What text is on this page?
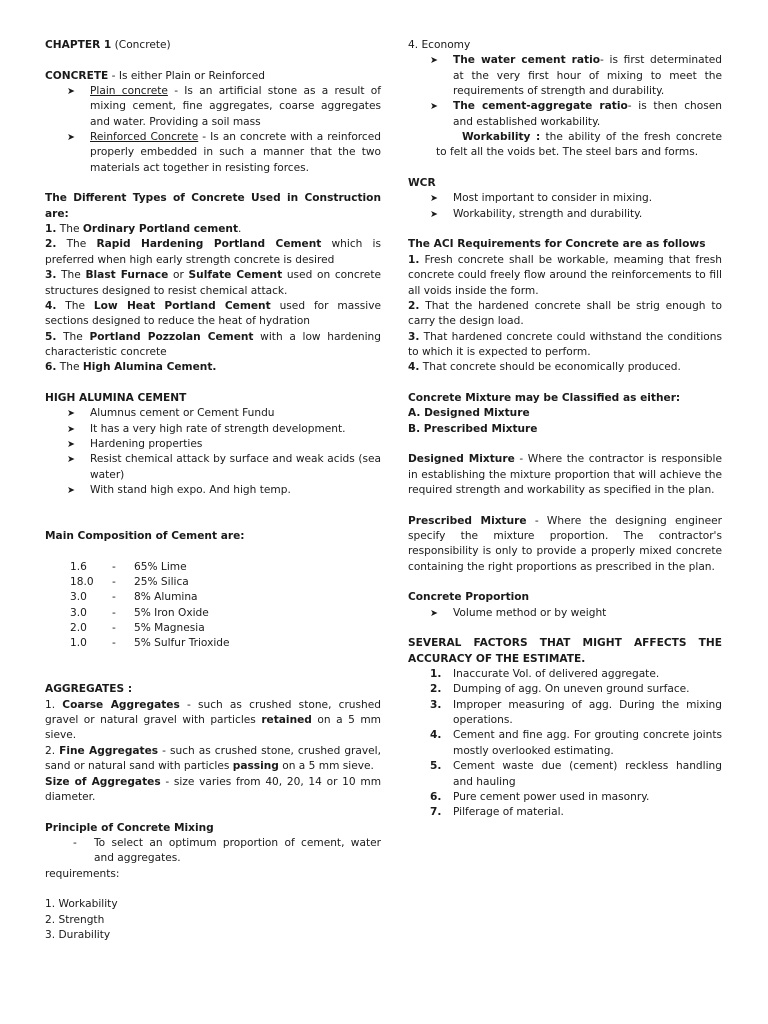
CHAPTER 1 (Concrete)

CONCRETE - Is either Plain or Reinforced

➤ Plain concrete - Is an artificial stone as a result of mixing cement, fine aggregates, coarse aggregates and water. Providing a soil mass

➤ Reinforced Concrete - Is an concrete with a reinforced properly embedded in such a manner that the two materials act together in resisting forces.

The Different Types of Concrete Used in Construction are:

1. The Ordinary Portland cement.

2. The Rapid Hardening Portland Cement which is preferred when high early strength concrete is desired

3. The Blast Furnace or Sulfate Cement used on concrete structures designed to resist chemical attack.

4. The Low Heat Portland Cement used for massive sections designed to reduce the heat of hydration

5. The Portland Pozzolan Cement with a low hardening characteristic concrete

6. The High Alumina Cement.

HIGH ALUMINA CEMENT

➤ Alumnus cement or Cement Fundu

➤ It has a very high rate of strength development.

➤ Hardening properties

➤ Resist chemical attack by surface and weak acids (sea water)

➤ With stand high expo. And high temp.

Main Composition of Cement are:

1.6	-	65% Lime
18.0	-	25% Silica
3.0	-	8% Alumina
3.0	-	5% Iron Oxide
2.0	-	5% Magnesia
1.0	-	5% Sulfur Trioxide

AGGREGATES :

1. Coarse Aggregates - such as crushed stone, crushed gravel or natural gravel with particles retained on a 5 mm sieve.

2. Fine Aggregates - such as crushed stone, crushed gravel, sand or natural sand with particles passing on a 5 mm sieve.

Size of Aggregates - size varies from 40, 20, 14 or 10 mm diameter.

Principle of Concrete Mixing

- To select an optimum proportion of cement, water and aggregates.

requirements:

1. Workability

2. Strength

3. Durability

4. Economy

➤ The water cement ratio- is first determinated at the very first hour of mixing to meet the requirements of strength and durability.

➤ The cement-aggregate ratio- is then chosen and established workability.

Workability : the ability of the fresh concrete to felt all the voids bet. The steel bars and forms.

WCR

➤ Most important to consider in mixing.

➤ Workability, strength and durability.

The ACI Requirements for Concrete are as follows

1. Fresh concrete shall be workable, meaming that fresh concrete could freely flow around the reinforcements to fill all voids inside the form.

2. That the hardened concrete shall be strig enough to carry the design load.

3. That hardened concrete could withstand the conditions to which it is expected to perform.

4. That concrete should be economically produced.

Concrete Mixture may be Classified as either:

A. Designed Mixture

B. Prescribed Mixture

Designed Mixture - Where the contractor is responsible in establishing the mixture proportion that will achieve the required strength and workability as specified in the plan.

Prescribed Mixture - Where the designing engineer specify the mixture proportion. The contractor's responsibility is only to provide a properly mixed concrete containing the right proportions as prescribed in the plan.

Concrete Proportion

➤ Volume method or by weight

SEVERAL FACTORS THAT MIGHT AFFECTS THE ACCURACY OF THE ESTIMATE.

1. Inaccurate Vol. of delivered aggregate.

2. Dumping of agg. On uneven ground surface.

3. Improper measuring of agg. During the mixing operations.

4. Cement and fine agg. For grouting concrete joints mostly overlooked estimating.

5. Cement waste due (cement) reckless handling and hauling

6. Pure cement power used in masonry.

7. Pilferage of material.
